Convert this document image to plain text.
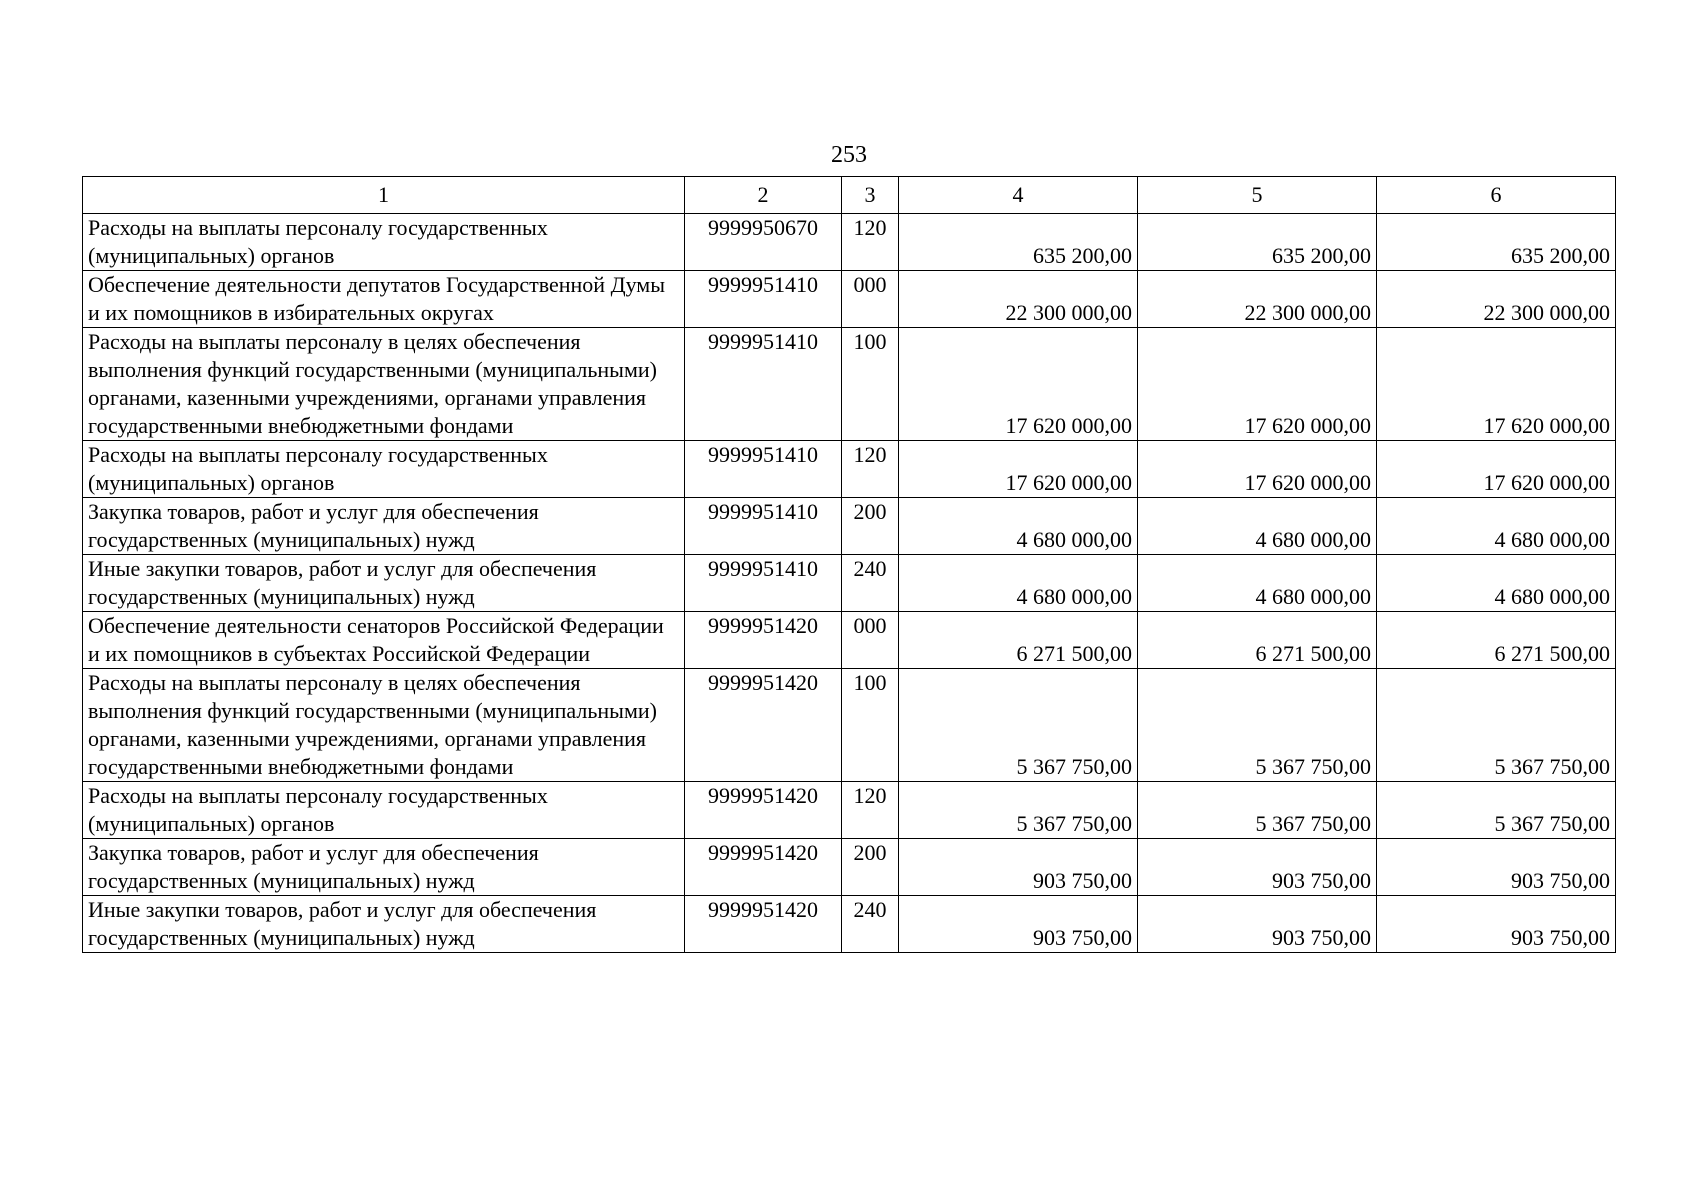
253
1	2	3	4	5	6
Расходы на выплаты персоналу государственных (муниципальных) органов	9999950670	120	635 200,00	635 200,00	635 200,00
Обеспечение деятельности депутатов Государственной Думы и их помощников в избирательных округах	9999951410	000	22 300 000,00	22 300 000,00	22 300 000,00
Расходы на выплаты персоналу в целях обеспечения выполнения функций государственными (муниципальными) органами, казенными учреждениями, органами управления государственными внебюджетными фондами	9999951410	100	17 620 000,00	17 620 000,00	17 620 000,00
Расходы на выплаты персоналу государственных (муниципальных) органов	9999951410	120	17 620 000,00	17 620 000,00	17 620 000,00
Закупка товаров, работ и услуг для обеспечения государственных (муниципальных) нужд	9999951410	200	4 680 000,00	4 680 000,00	4 680 000,00
Иные закупки товаров, работ и услуг для обеспечения государственных (муниципальных) нужд	9999951410	240	4 680 000,00	4 680 000,00	4 680 000,00
Обеспечение деятельности сенаторов Российской Федерации и их помощников в субъектах Российской Федерации	9999951420	000	6 271 500,00	6 271 500,00	6 271 500,00
Расходы на выплаты персоналу в целях обеспечения выполнения функций государственными (муниципальными) органами, казенными учреждениями, органами управления государственными внебюджетными фондами	9999951420	100	5 367 750,00	5 367 750,00	5 367 750,00
Расходы на выплаты персоналу государственных (муниципальных) органов	9999951420	120	5 367 750,00	5 367 750,00	5 367 750,00
Закупка товаров, работ и услуг для обеспечения государственных (муниципальных) нужд	9999951420	200	903 750,00	903 750,00	903 750,00
Иные закупки товаров, работ и услуг для обеспечения государственных (муниципальных) нужд	9999951420	240	903 750,00	903 750,00	903 750,00
